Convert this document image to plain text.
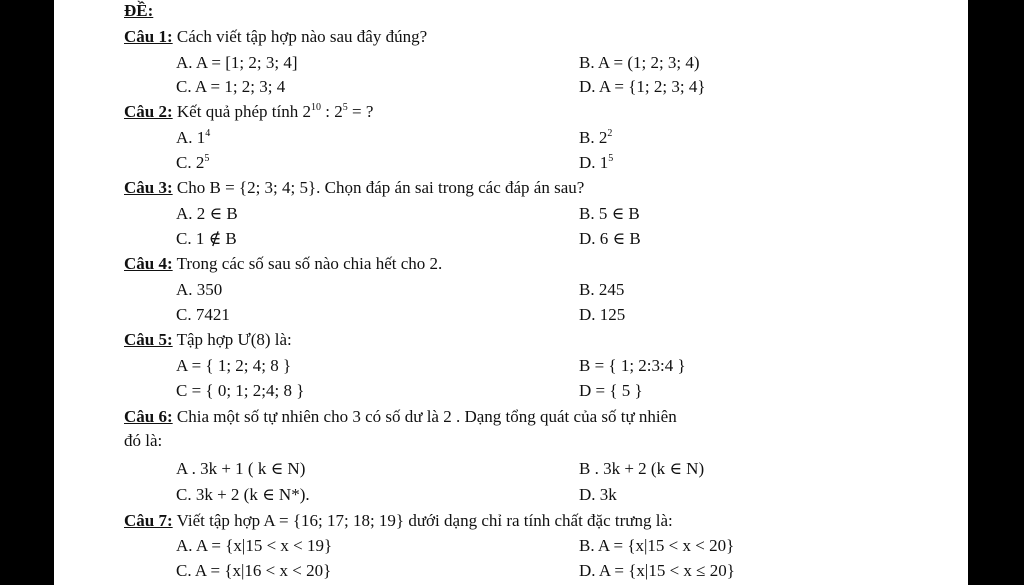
ĐỀ:
Câu 1: Cách viết tập hợp nào sau đây đúng?
A. A = [1; 2; 3; 4]	B. A = (1; 2; 3; 4)
C. A = 1; 2; 3; 4	D. A = {1; 2; 3; 4}
Câu 2: Kết quả phép tính $2^{10}$ : $2^5$ = ?
A. $1^4$	B. $2^2$
C. $2^5$	D. $1^5$
Câu 3: Cho B = {2; 3; 4; 5}. Chọn đáp án sai trong các đáp án sau?
A. 2 ∈ B	B. 5 ∈ B
C. 1 ∉ B	D. 6 ∈ B
Câu 4: Trong các số sau số nào chia hết cho 2.
A. 350	B. 245
C. 7421	D. 125
Câu 5: Tập hợp Ư(8) là:
A = { 1; 2; 4; 8 }	B = { 1; 2:3:4 }
C = { 0; 1; 2;4; 8 }	D = { 5 }
Câu 6: Chia một số tự nhiên cho 3 có số dư là 2 . Dạng tổng quát của số tự nhiên
đó là:
A . 3k + 1 ( k ∈ N)	B . 3k + 2 (k ∈ N)
C. 3k + 2 (k ∈ N*).	D. 3k
Câu 7: Viết tập hợp A = {16; 17; 18; 19} dưới dạng chỉ ra tính chất đặc trưng là:
A. A = {x|15 < x < 19}	B. A = {x|15 < x < 20}
C. A = {x|16 < x < 20}	D. A = {x|15 < x ≤ 20}
